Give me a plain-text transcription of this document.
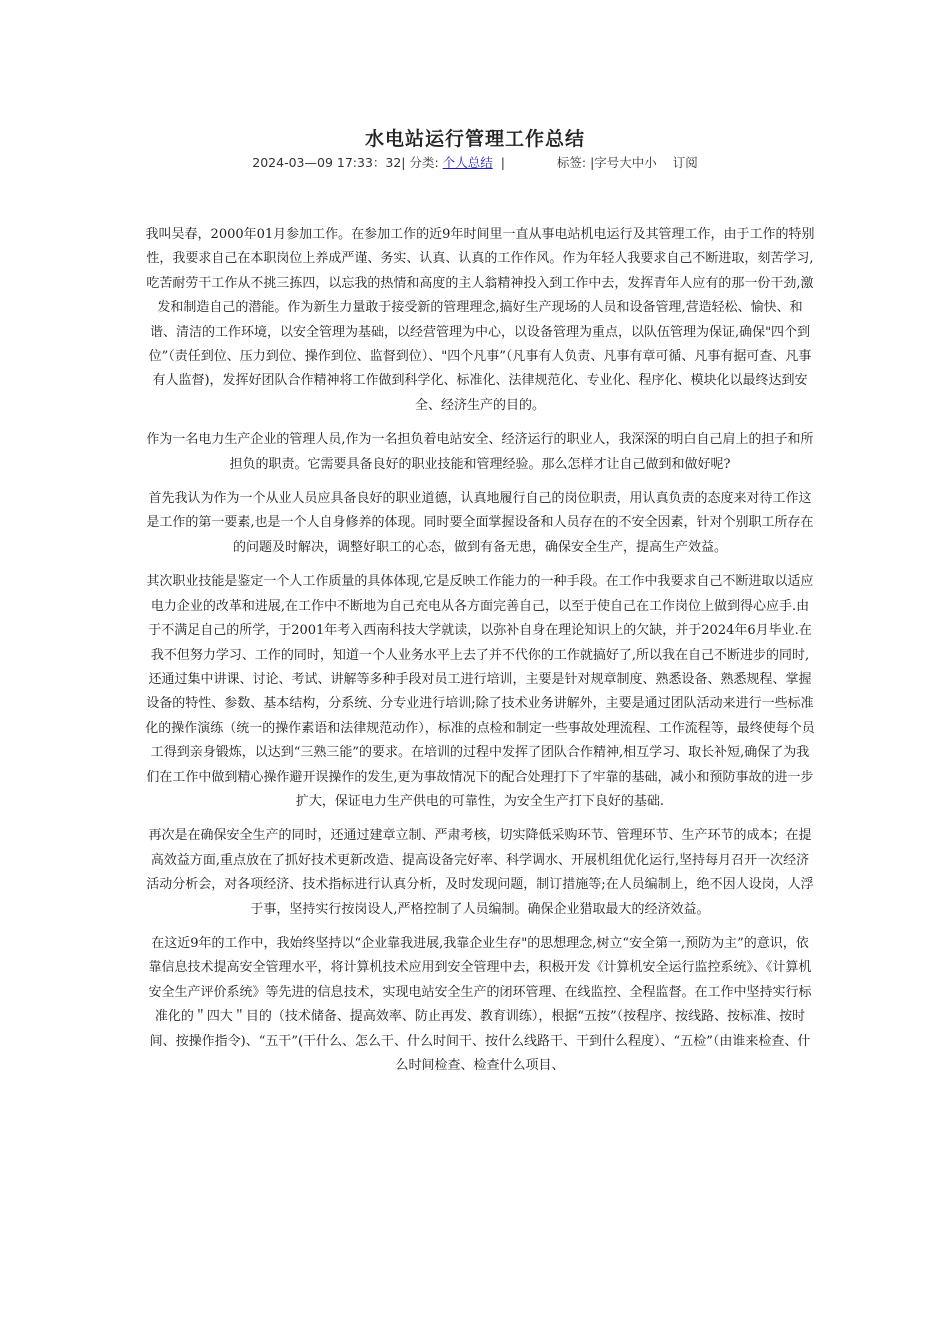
水电站运行管理工作总结
2024-03—09 17:33：32| 分类: 个人总结 |	标签: |字号大中小 订阅

我叫吴春，2000年01月参加工作。在参加工作的近9年时间里一直从事电站机电运行及其管理工作，由于工作的特别性，我要求自己在本职岗位上养成严谨、务实、认真、认真的工作作风。作为年轻人我要求自己不断进取，刻苦学习,吃苦耐劳干工作从不挑三拣四，以忘我的热情和高度的主人翁精神投入到工作中去，发挥青年人应有的那一份干劲,激发和制造自己的潜能。作为新生力量敢于接受新的管理理念,搞好生产现场的人员和设备管理,营造轻松、愉快、和谐、清洁的工作环境，以安全管理为基础，以经营管理为中心，以设备管理为重点，以队伍管理为保证,确保"四个到位”（责任到位、压力到位、操作到位、监督到位）、"四个凡事”（凡事有人负责、凡事有章可循、凡事有据可查、凡事有人监督)，发挥好团队合作精神将工作做到科学化、标准化、法律规范化、专业化、程序化、模块化以最终达到安全、经济生产的目的。

作为一名电力生产企业的管理人员,作为一名担负着电站安全、经济运行的职业人，我深深的明白自己肩上的担子和所担负的职责。它需要具备良好的职业技能和管理经验。那么怎样才让自己做到和做好呢?

首先我认为作为一个从业人员应具备良好的职业道德，认真地履行自己的岗位职责，用认真负责的态度来对待工作这是工作的第一要素,也是一个人自身修养的体现。同时要全面掌握设备和人员存在的不安全因素，针对个别职工所存在的问题及时解决，调整好职工的心态，做到有备无患，确保安全生产，提高生产效益。

其次职业技能是鉴定一个人工作质量的具体体现,它是反映工作能力的一种手段。在工作中我要求自己不断进取以适应电力企业的改革和进展,在工作中不断地为自己充电从各方面完善自己，以至于使自己在工作岗位上做到得心应手.由于不满足自己的所学，于2001年考入西南科技大学就读，以弥补自身在理论知识上的欠缺，并于2024年6月毕业.在我不但努力学习、工作的同时，知道一个人业务水平上去了并不代你的工作就搞好了,所以我在自己不断进步的同时,还通过集中讲课、讨论、考试、讲解等多种手段对员工进行培训，主要是针对规章制度、熟悉设备、熟悉规程、掌握设备的特性、参数、基本结构，分系统、分专业进行培训;除了技术业务讲解外，主要是通过团队活动来进行一些标准化的操作演练（统一的操作素语和法律规范动作），标准的点检和制定一些事故处理流程、工作流程等，最终使每个员工得到亲身锻炼，以达到“三熟三能”的要求。在培训的过程中发挥了团队合作精神,相互学习、取长补短,确保了为我们在工作中做到精心操作避开误操作的发生,更为事故情况下的配合处理打下了牢靠的基础，减小和预防事故的进一步扩大，保证电力生产供电的可靠性，为安全生产打下良好的基础.

再次是在确保安全生产的同时，还通过建章立制、严肃考核，切实降低采购环节、管理环节、生产环节的成本；在提高效益方面,重点放在了抓好技术更新改造、提高设备完好率、科学调水、开展机组优化运行,坚持每月召开一次经济活动分析会，对各项经济、技术指标进行认真分析，及时发现问题，制订措施等;在人员编制上，绝不因人设岗，人浮于事，坚持实行按岗设人,严格控制了人员编制。确保企业猎取最大的经济效益。

在这近9年的工作中，我始终坚持以“企业靠我进展,我靠企业生存"的思想理念,树立“安全第一,预防为主”的意识，依靠信息技术提高安全管理水平，将计算机技术应用到安全管理中去，积极开发《计算机安全运行监控系统》、《计算机安全生产评价系统》等先进的信息技术，实现电站安全生产的闭环管理、在线监控、全程监督。在工作中坚持实行标准化的＂四大＂目的（技术储备、提高效率、防止再发、教育训练），根据“五按”（按程序、按线路、按标准、按时间、按操作指令)、“五干”(干什么、怎么干、什么时间干、按什么线路干、干到什么程度）、“五检”（由谁来检查、什么时间检查、检查什么项目、
